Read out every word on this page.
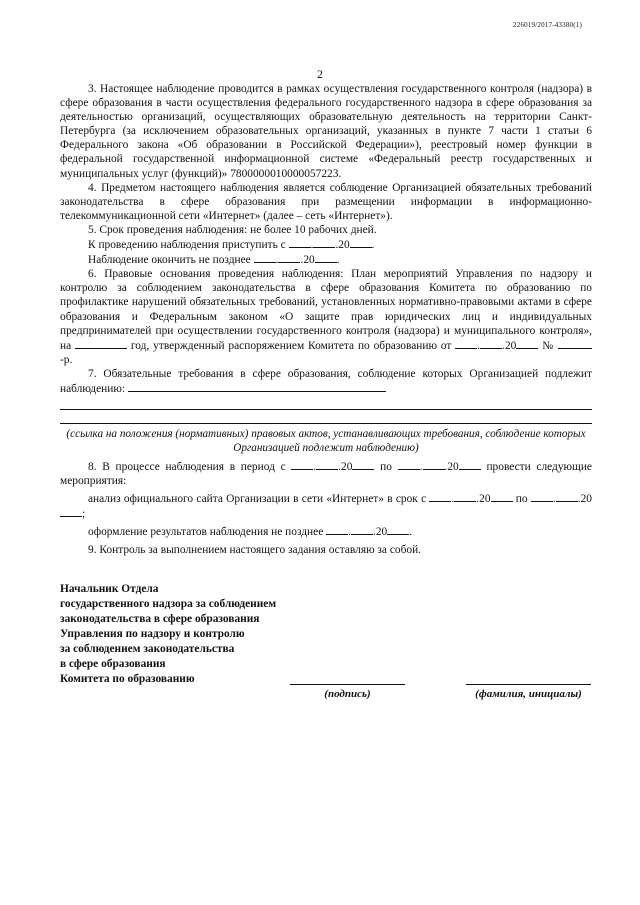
226019/2017-43380(1)
2

3. Настоящее наблюдение проводится в рамках осуществления государственного контроля (надзора) в сфере образования в части осуществления федерального государственного надзора в сфере образования за деятельностью организаций, осуществляющих образовательную деятельность на территории Санкт-Петербурга (за исключением образовательных организаций, указанных в пункте 7 части 1 статьи 6 Федерального закона «Об образовании в Российской Федерации»), реестровый номер функции в федеральной государственной информационной системе «Федеральный реестр государственных и муниципальных услуг (функций)» 7800000010000057223.

4. Предметом настоящего наблюдения является соблюдение Организацией обязательных требований законодательства в сфере образования при размещении информации в информационно-телекоммуникационной сети «Интернет» (далее – сеть «Интернет»).

5. Срок проведения наблюдения: не более 10 рабочих дней.

К проведению наблюдения приступить с . .20 .

Наблюдение окончить не позднее . .20 .

6. Правовые основания проведения наблюдения: План мероприятий Управления по надзору и контролю за соблюдением законодательства в сфере образования Комитета по образованию по профилактике нарушений обязательных требований, установленных нормативно-правовыми актами в сфере образования и Федеральным законом «О защите прав юридических лиц и индивидуальных предпринимателей при осуществлении государственного контроля (надзора) и муниципального контроля», на	год, утвержденный распоряжением Комитета по образованию от . .20 № -р.

7. Обязательные требования в сфере образования, соблюдение которых Организацией подлежит наблюдению:

(ссылка на положения (нормативных) правовых актов, устанавливающих требования, соблюдение которых Организацией подлежит наблюдению)

8. В процессе наблюдения в период с . .20 по . .20 провести следующие мероприятия:

анализ официального сайта Организации в сети «Интернет» в срок с . .20 по . .20;

оформление результатов наблюдения не позднее . .20 .

9. Контроль за выполнением настоящего задания оставляю за собой.

Начальник Отдела
государственного надзора за соблюдением
законодательства в сфере образования
Управления по надзору и контролю
за соблюдением законодательства
в сфере образования
Комитета по образованию
(подпись)	(фамилия, инициалы)
